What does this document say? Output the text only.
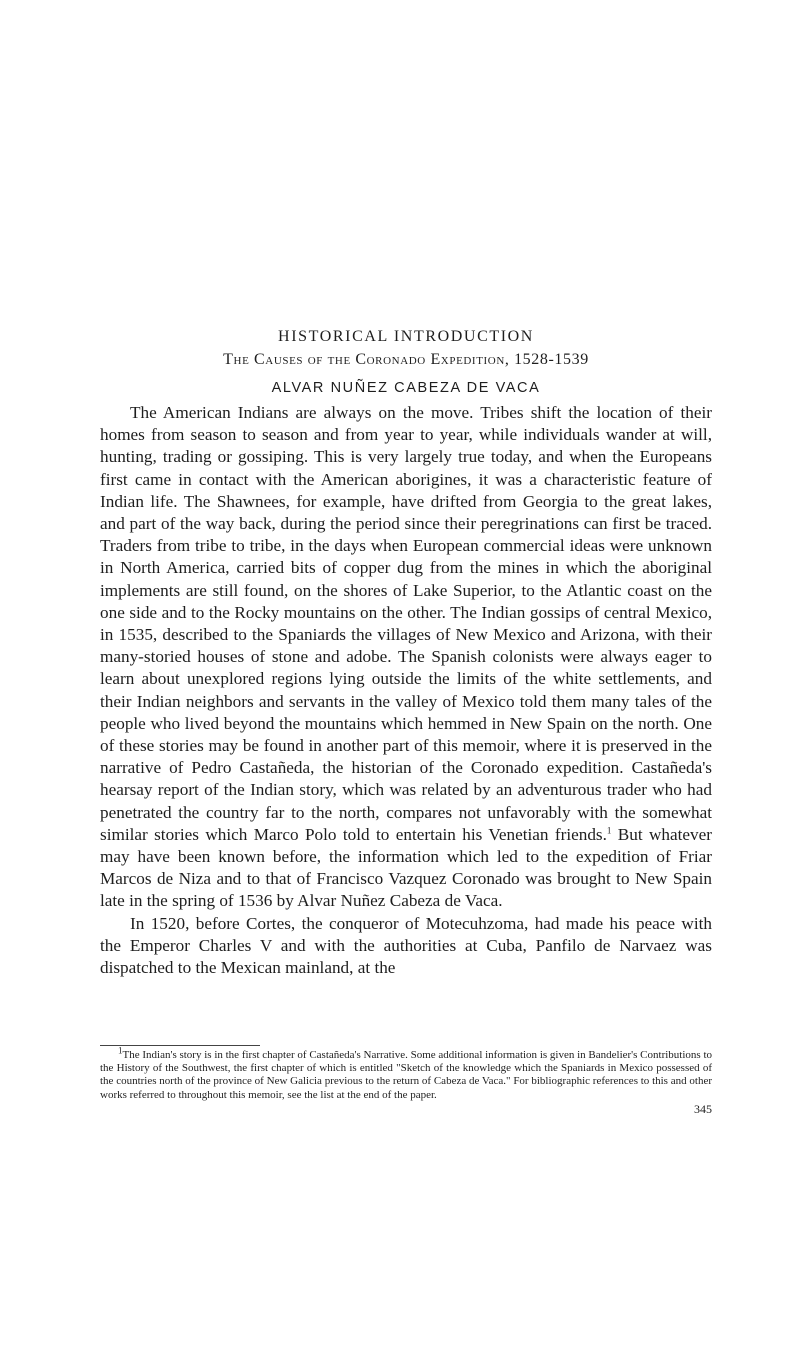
HISTORICAL INTRODUCTION
The Causes of the Coronado Expedition, 1528-1539
ALVAR NUÑEZ CABEZA DE VACA

The American Indians are always on the move. Tribes shift the location of their homes from season to season and from year to year, while individuals wander at will, hunting, trading or gossiping. This is very largely true today, and when the Europeans first came in contact with the American aborigines, it was a characteristic feature of Indian life. The Shawnees, for example, have drifted from Georgia to the great lakes, and part of the way back, during the period since their peregrinations can first be traced. Traders from tribe to tribe, in the days when European commercial ideas were unknown in North America, carried bits of copper dug from the mines in which the aboriginal implements are still found, on the shores of Lake Superior, to the Atlantic coast on the one side and to the Rocky mountains on the other. The Indian gossips of central Mexico, in 1535, described to the Spaniards the villages of New Mexico and Arizona, with their many-storied houses of stone and adobe. The Spanish colonists were always eager to learn about unexplored regions lying outside the limits of the white settlements, and their Indian neighbors and servants in the valley of Mexico told them many tales of the people who lived beyond the mountains which hemmed in New Spain on the north. One of these stories may be found in another part of this memoir, where it is preserved in the narrative of Pedro Castañeda, the historian of the Coronado expedition. Castañeda's hearsay report of the Indian story, which was related by an adventurous trader who had penetrated the country far to the north, compares not unfavorably with the somewhat similar stories which Marco Polo told to entertain his Venetian friends.$^1$ But whatever may have been known before, the information which led to the expedition of Friar Marcos de Niza and to that of Francisco Vazquez Coronado was brought to New Spain late in the spring of 1536 by Alvar Nuñez Cabeza de Vaca.

In 1520, before Cortes, the conqueror of Motecuhzoma, had made his peace with the Emperor Charles V and with the authorities at Cuba, Panfilo de Narvaez was dispatched to the Mexican mainland, at the

$^1$The Indian's story is in the first chapter of Castañeda's Narrative. Some additional information is given in Bandelier's Contributions to the History of the Southwest, the first chapter of which is entitled "Sketch of the knowledge which the Spaniards in Mexico possessed of the countries north of the province of New Galicia previous to the return of Cabeza de Vaca." For bibliographic references to this and other works referred to throughout this memoir, see the list at the end of the paper.

345
